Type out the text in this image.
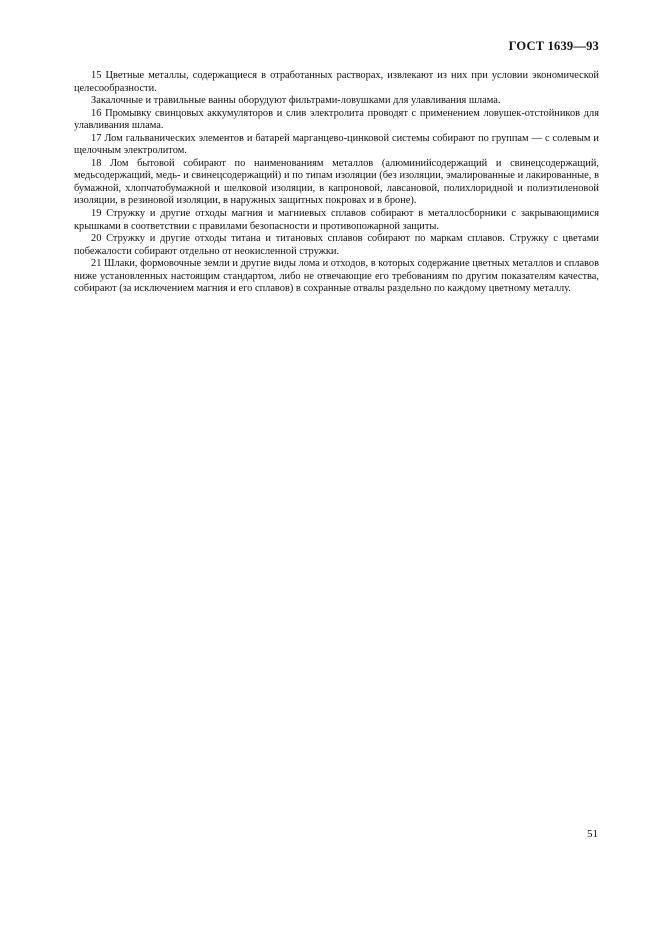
ГОСТ 1639—93

15 Цветные металлы, содержащиеся в отработанных растворах, извлекают из них при условии экономической целесообразности.

Закалочные и травильные ванны оборудуют фильтрами-ловушками для улавливания шлама.

16 Промывку свинцовых аккумуляторов и слив электролита проводят с применением ловушек-отстойников для улавливания шлама.

17 Лом гальванических элементов и батарей марганцево-цинковой системы собирают по группам — с солевым и щелочным электролитом.

18 Лом бытовой собирают по наименованиям металлов (алюминийсодержащий и свинецсодержащий, медьсодержащий, медь- и свинецсодержащий) и по типам изоляции (без изоляции, эмалированные и лакированные, в бумажной, хлопчатобумажной и шелковой изоляции, в капроновой, лавсановой, полихлоридной и полиэтиленовой изоляции, в резиновой изоляции, в наружных защитных покровах и в броне).

19 Стружку и другие отходы магния и магниевых сплавов собирают в металлосборники с закрывающимися крышками в соответствии с правилами безопасности и противопожарной защиты.

20 Стружку и другие отходы титана и титановых сплавов собирают по маркам сплавов. Стружку с цветами побежалости собирают отдельно от неокисленной стружки.

21 Шлаки, формовочные земли и другие виды лома и отходов, в которых содержание цветных металлов и сплавов ниже установленных настоящим стандартом, либо не отвечающие его требованиям по другим показателям качества, собирают (за исключением магния и его сплавов) в сохранные отвалы раздельно по каждому цветному металлу.

51
